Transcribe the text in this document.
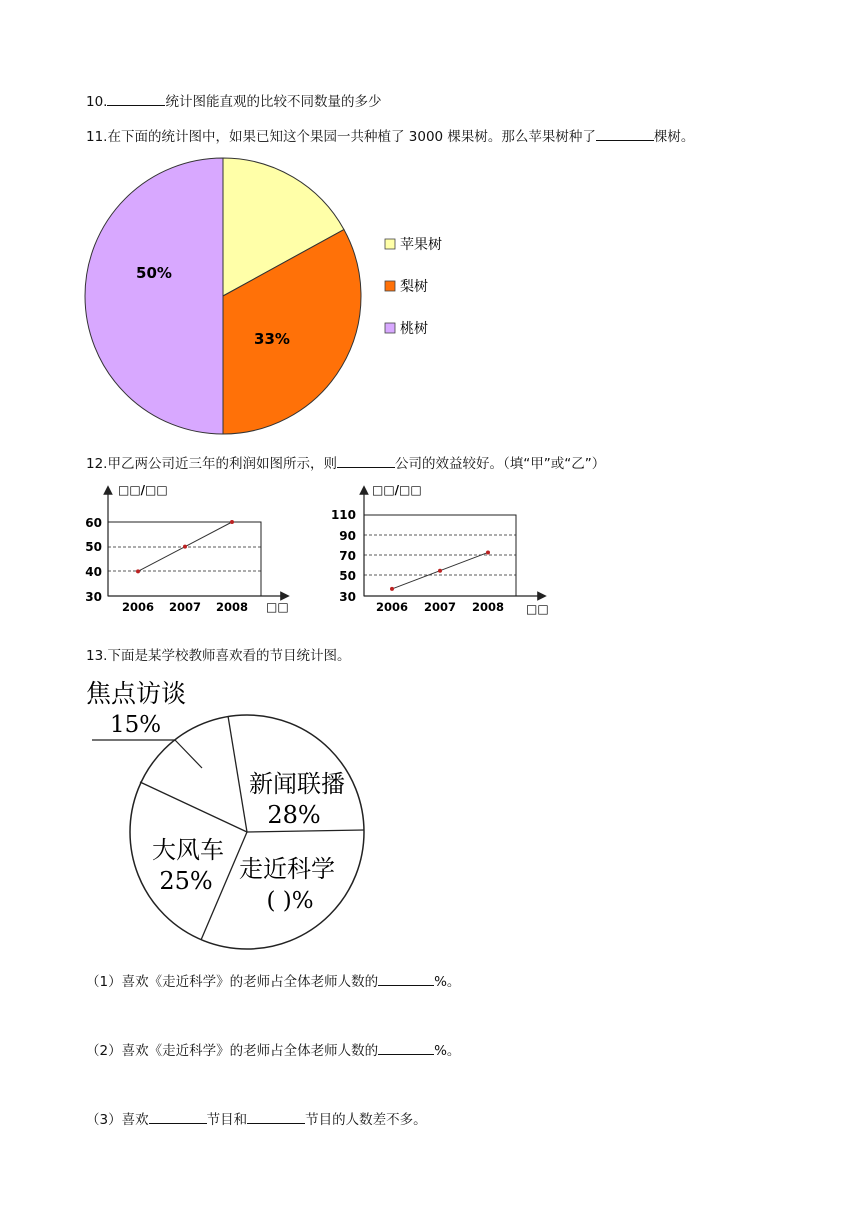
10.	统计图能直观的比较不同数量的多少
11.在下面的统计图中，如果已知这个果园一共种植了 3000 棵果树。那么苹果树种了	棵树。
33%
50%
苹果树
梨树
桃树
12.甲乙两公司近三年的利润如图所示，则	公司的效益较好。（填“甲”或“乙”）
□□/□□
60
50
40
30
2006 2007 2008 □□
□□/□□
110
90
70
50
30
2006 2007 2008 □□
13.下面是某学校教师喜欢看的节目统计图。
焦点访谈
15%
新闻联播
28%
走近科学
( )%
大风车
25%
（1）喜欢《走近科学》的老师占全体老师人数的	%。
（2）喜欢《走近科学》的老师占全体老师人数的	%。
（3）喜欢	节目和	节目的人数差不多。
